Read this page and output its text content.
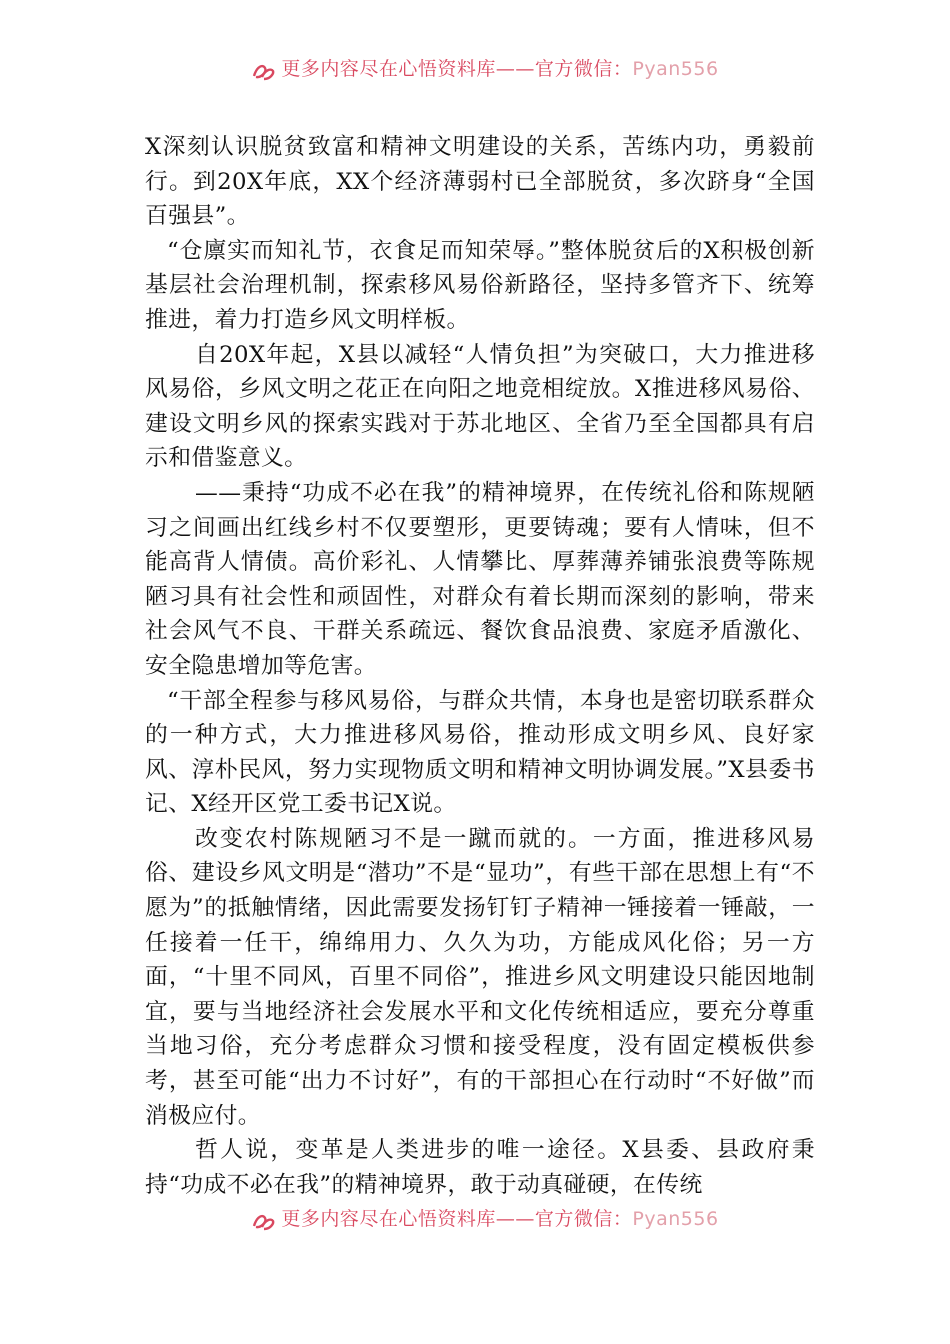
更多内容尽在心悟资料库——官方微信：Pyan556

X深刻认识脱贫致富和精神文明建设的关系，苦练内功，勇毅前行。到20X年底，XX个经济薄弱村已全部脱贫，多次跻身“全国百强县”。

“仓廪实而知礼节，衣食足而知荣辱。”整体脱贫后的X积极创新基层社会治理机制，探索移风易俗新路径，坚持多管齐下、统筹推进，着力打造乡风文明样板。

自20X年起，X县以减轻“人情负担”为突破口，大力推进移风易俗，乡风文明之花正在向阳之地竞相绽放。X推进移风易俗、建设文明乡风的探索实践对于苏北地区、全省乃至全国都具有启示和借鉴意义。

——秉持“功成不必在我”的精神境界，在传统礼俗和陈规陋习之间画出红线乡村不仅要塑形，更要铸魂；要有人情味，但不能高背人情债。高价彩礼、人情攀比、厚葬薄养铺张浪费等陈规陋习具有社会性和顽固性，对群众有着长期而深刻的影响，带来社会风气不良、干群关系疏远、餐饮食品浪费、家庭矛盾激化、安全隐患增加等危害。

“干部全程参与移风易俗，与群众共情，本身也是密切联系群众的一种方式，大力推进移风易俗，推动形成文明乡风、良好家风、淳朴民风，努力实现物质文明和精神文明协调发展。”X县委书记、X经开区党工委书记X说。

改变农村陈规陋习不是一蹴而就的。一方面，推进移风易俗、建设乡风文明是“潜功”不是“显功”，有些干部在思想上有“不愿为”的抵触情绪，因此需要发扬钉钉子精神一锤接着一锤敲，一任接着一任干，绵绵用力、久久为功，方能成风化俗；另一方面，“十里不同风，百里不同俗”，推进乡风文明建设只能因地制宜，要与当地经济社会发展水平和文化传统相适应，要充分尊重当地习俗，充分考虑群众习惯和接受程度，没有固定模板供参考，甚至可能“出力不讨好”，有的干部担心在行动时“不好做”而消极应付。

哲人说，变革是人类进步的唯一途径。X县委、县政府秉持“功成不必在我”的精神境界，敢于动真碰硬，在传统

更多内容尽在心悟资料库——官方微信：Pyan556
